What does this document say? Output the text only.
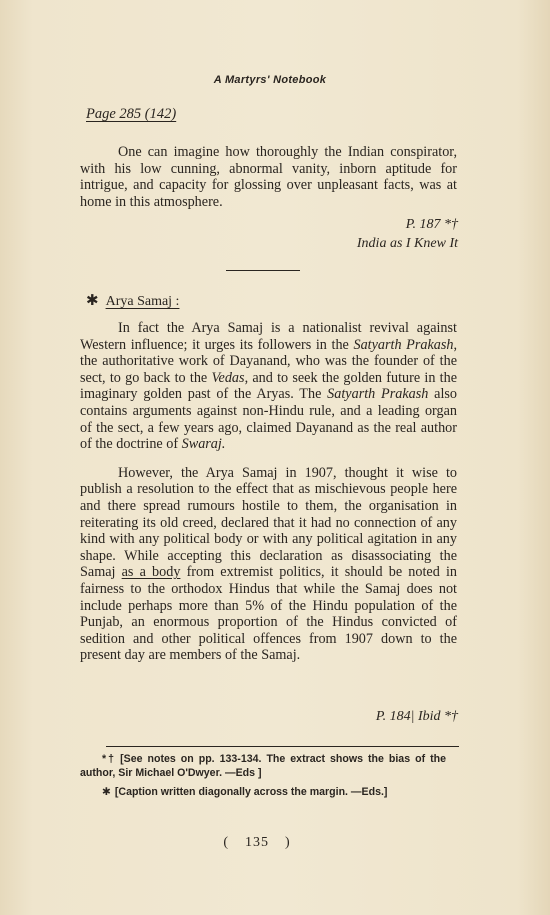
A Martyrs' Notebook
Page 285 (142)

One can imagine how thoroughly the Indian conspirator, with his low cunning, abnormal vanity, inborn aptitude for intrigue, and capacity for glossing over unpleasant facts, was at home in this atmosphere.

P. 187 *†
India as I Knew It
✱ Arya Samaj :

In fact the Arya Samaj is a nationalist revival against Western influence; it urges its followers in the Satyarth Prakash, the authoritative work of Dayanand, who was the founder of the sect, to go back to the Vedas, and to seek the golden future in the imaginary golden past of the Aryas. The Satyarth Prakash also contains arguments against non-Hindu rule, and a leading organ of the sect, a few years ago, claimed Dayanand as the real author of the doctrine of Swaraj.

However, the Arya Samaj in 1907, thought it wise to publish a resolution to the effect that as mischievous people here and there spread rumours hostile to them, the organisation in reiterating its old creed, declared that it had no connection of any kind with any political body or with any political agitation in any shape. While accepting this declaration as disassociating the Samaj as a body from extremist politics, it should be noted in fairness to the orthodox Hindus that while the Samaj does not include perhaps more than 5% of the Hindu population of the Punjab, an enormous proportion of the Hindus convicted of sedition and other political offences from 1907 down to the present day are members of the Samaj.

P. 184| Ibid *†
*† [See notes on pp. 133-134. The extract shows the bias of the author, Sir Michael O'Dwyer. —Eds ]
✱ [Caption written diagonally across the margin. —Eds.]
( 135 )
